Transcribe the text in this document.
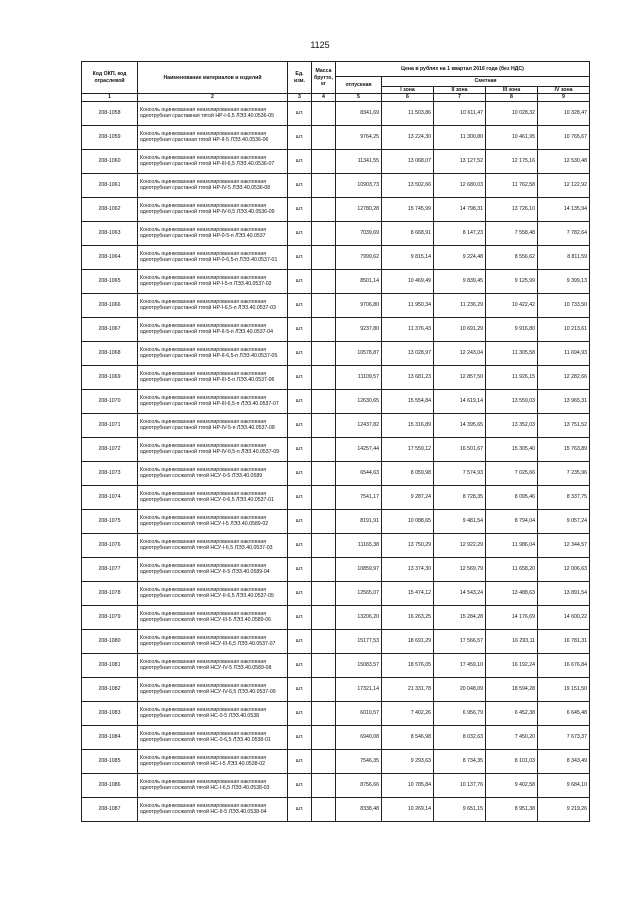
1125
Код ОКП, код отраслевой	Наименование материалов и изделий	Ед. изм.	Масса брутто, кг	Цена в рублях на 1 квартал 2016 года (без НДС)				
				отпускная	Сметная			
					I зона	II зона	III зона	IV зона
1	2	3	4	5	6	7	8	9
208-1058	Консоль оцинкованная неизолированная наклонная однотрубная сраставная тягой НР-I-6,5 ЛЭЗ.40.0536-05	шт.		8341,69	11 503,86	10 611,47	10 028,32	10 328,47
208-1059	Консоль оцинкованная неизолированная наклонная однотрубная срастаная тягой НР-II-5 ЛЭЗ.40.0536-06	шт.		9764,25	13 224,30	11 300,80	10 461,95	10 765,67
208-1060	Консоль оцинкованная неизолированная наклонная однотрубная срастаной тягой НР-III-6,5 ЛЭЗ.40.0536-07	шт.		11341,55	13 068,07	13 127,52	12 175,16	12 530,48
208-1061	Консоль оцинкованная неизолированная наклонная однотрубная срастаной тягой НР-IV-5 ЛЭЗ.40.0536-08	шт.		10903,73	13 502,66	12 680,03	11 762,58	12 122,92
208-1062	Консоль оцинкованная неизолированная наклонная однотрубная срастаной тягой НР-IV-6,5 ЛЭЗ.40.0536-09	шт.		12780,28	15 745,99	14 798,31	13 726,10	14 135,94
208-1063	Консоль оцинкованная неизолированная наклонная однотрубная срастаной тягой НР-0-5-п ЛЭЗ.40.0537	шт.		7039,69	8 668,91	8 147,23	7 558,48	7 782,64
208-1064	Консоль оцинкованная неизолированная наклонная однотрубная срастаной тягой НР-0-6,5-п ЛЭЗ.40.0537-01	шт.		7999,62	9 815,14	9 224,48	8 556,62	8 811,59
208-1065	Консоль оцинкованная неизолированная наклонная однотрубная срастаной тягой НР-I-5-п ЛЭЗ.40.0537-02	шт.		8501,14	10 469,49	9 839,45	9 125,99	9 399,13
208-1066	Консоль оцинкованная неизолированная наклонная однотрубная срастаной тягой НР-I-6,5-п ЛЭЗ.40.0537-03	шт.		9706,80	11 950,34	11 236,29	10 422,42	10 733,50
208-1067	Консоль оцинкованная неизолированная наклонная однотрубная срастаной тягой НР-II-5-п ЛЭЗ.40.0537-04	шт.		9237,80	11 376,43	10 691,29	9 916,80	10 213,61
208-1068	Консоль оцинкованная неизолированная наклонная однотрубная срастаной тягой НР-II-6,5-п ЛЭЗ.40.0537-05	шт.		10578,87	13 028,97	12 243,04	11 305,58	11 694,93
208-1069	Консоль оцинкованная неизолированная наклонная однотрубная срастаной тягой НР-III-5-п ЛЭЗ.40.0537-06	шт.		11109,57	13 681,23	12 857,50	11 926,15	12 282,66
208-1070	Консоль оцинкованная неизолированная наклонная однотрубная срастаной тягой НР-III-6,5-п ЛЭЗ.40.0537-07	шт.		12630,65	15 554,84	14 619,14	13 559,03	13 965,31
208-1071	Консоль оцинкованная неизолированная наклонная однотрубная срастаной тягой НР-IV-5-п ЛЭЗ.40.0537-08	шт.		12437,82	15 316,89	14 395,65	13 352,03	13 751,52
208-1072	Консоль оцинкованная неизолированная наклонная однотрубная срастаной тягой НР-IV-6,5-п ЛЭЗ.40.0537-09	шт.		14257,44	17 559,12	16 501,67	15 305,40	15 763,89
208-1073	Консоль оцинкованная неизолированная наклонная однотрубная сосжатой тягой НСУ-0-5 ЛЭЗ.40.0589	шт.		6544,63	8 059,98	7 574,93	7 025,66	7 235,96
208-1074	Консоль оцинкованная неизолированная наклонная однотрубная сосжатой тягой НСУ-0-6,5 ЛЭЗ.40.0537-01	шт.		7541,17	9 287,24	8 728,35	8 095,46	8 337,75
208-1075	Консоль оцинкованная неизолированная наклонная однотрубная сосжатой тягой НСУ-I-5 ЛЭЗ.40.0589-02	шт.		8191,91	10 088,65	9 481,54	8 794,04	9 057,24
208-1076	Консоль оцинкованная неизолированная наклонная однотрубная сосжатой тягой НСУ-I-6,5 ЛЭЗ.40.0537-03	шт.		11165,38	13 750,29	12 922,29	11 986,04	12 344,57
208-1077	Консоль оцинкованная неизолированная наклонная однотрубная сосжатой тягой НСУ-II-5 ЛЭЗ.40.0589-04	шт.		10859,97	13 374,30	12 569,79	11 658,20	12 006,63
208-1078	Консоль оцинкованная неизолированная наклонная однотрубная сосжатой тягой НСУ-II-6,5 ЛЭЗ.40.0537-05	шт.		12565,07	15 474,12	14 543,24	13 488,63	13 891,54
208-1079	Консоль оцинкованная неизолированная наклонная однотрубная сосжатой тягой НСУ-III-5 ЛЭЗ.40.0589-06	шт.		13206,20	16 263,25	15 284,28	14 176,69	14 600,22
208-1080	Консоль оцинкованная неизолированная наклонная однотрубная сосжатой тягой НСУ-III-6,5 ЛЭЗ.40.0537-07	шт.		15177,53	18 691,29	17 566,57	16 293,11	16 781,31
208-1081	Консоль оцинкованная неизолированная наклонная однотрубная сосжатой тягой НСУ-IV-5 ЛЭЗ.40.0589-08	шт.		15083,57	18 576,05	17 459,10	16 192,24	16 676,84
208-1082	Консоль оцинкованная неизолированная наклонная однотрубная сосжатой тягой НСУ-IV-6,5 ЛЭЗ.40.0537-09	шт.		17321,14	21 331,78	20 048,09	18 594,28	19 151,50
208-1083	Консоль оцинкованная неизолированная наклонная однотрубная сосжатой тягой НС-0-5 ЛЭЗ.40.0538	шт.		6010,57	7 402,26	6 956,79	6 452,38	6 645,48
208-1084	Консоль оцинкованная неизолированная наклонная однотрубная сосжатой тягой НС-0-6,5 ЛЭЗ.40.0538-01	шт.		6940,08	8 546,98	8 032,63	7 450,20	7 673,37
208-1085	Консоль оцинкованная неизолированная наклонная однотрубная сосжатой тягой НС-I-5 ЛЭЗ.40.0538-02	шт.		7546,35	9 293,63	8 734,35	8 101,03	8 343,49
208-1086	Консоль оцинкованная неизолированная наклонная однотрубная сосжатой тягой НС-I-6,5 ЛЭЗ.40.0538-03	шт.		8756,66	10 785,84	10 137,76	9 402,58	9 684,10
208-1087	Консоль оцинкованная неизолированная наклонная однотрубная сосжатой тягой НС-II-5 ЛЭЗ.40.0538-04	шт.		8338,48	10 269,14	9 651,15	8 951,38	9 219,26
